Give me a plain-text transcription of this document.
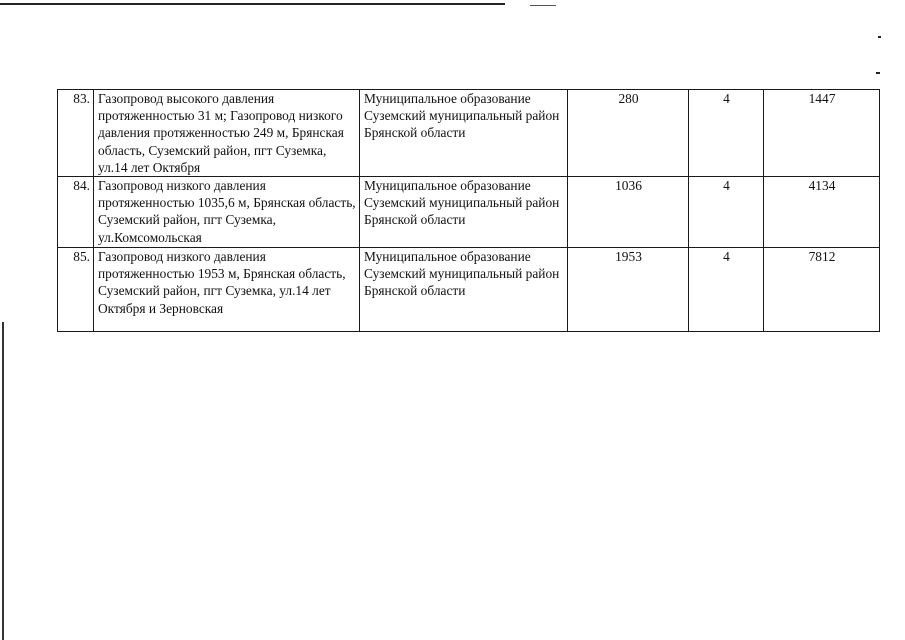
83.	Газопровод высокого давления протяженностью 31 м; Газопровод низкого давления протяженностью 249 м, Брянская область, Суземский район, пгт Суземка, ул.14 лет Октября	Муниципальное образование Суземский муниципальный район Брянской области	280	4	1447

84.	Газопровод низкого давления протяженностью 1035,6 м, Брянская область, Суземский район, пгт Суземка, ул.Комсомольская	Муниципальное образование Суземский муниципальный район Брянской области	1036	4	4134

85.	Газопровод низкого давления протяженностью 1953 м, Брянская область, Суземский район, пгт Суземка, ул.14 лет Октября и Зерновская	Муниципальное образование Суземский муниципальный район Брянской области	1953	4	7812
